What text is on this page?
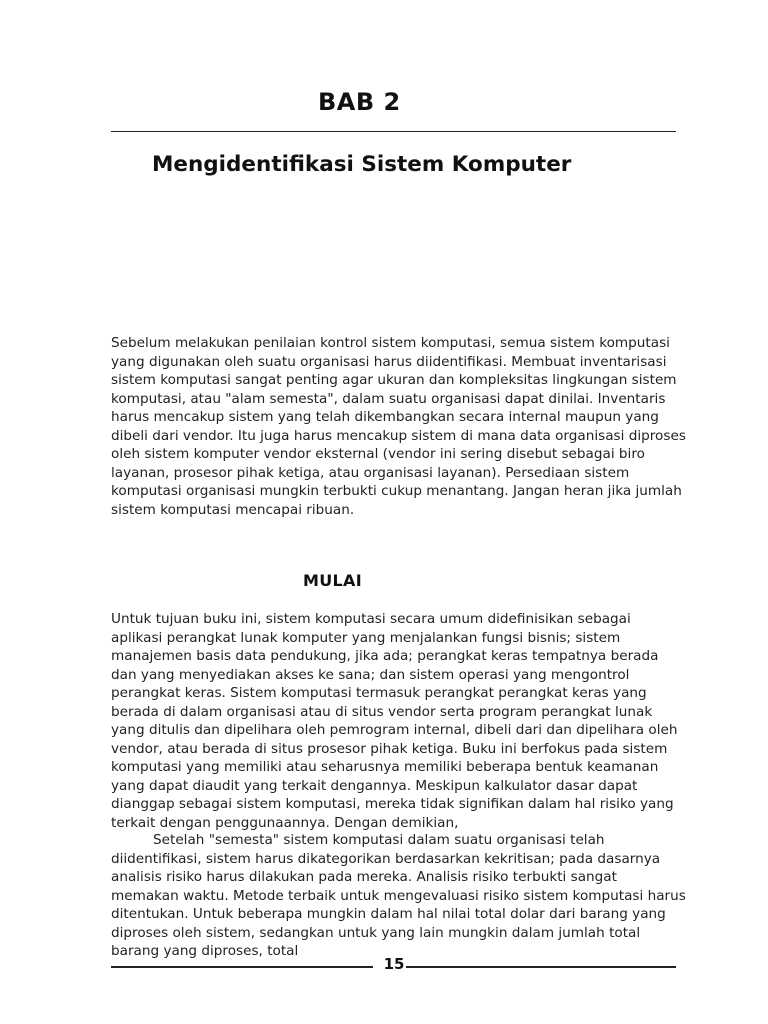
BAB 2
Mengidentifikasi Sistem Komputer

Sebelum melakukan penilaian kontrol sistem komputasi, semua sistem komputasi yang digunakan oleh suatu organisasi harus diidentifikasi. Membuat inventarisasi sistem komputasi sangat penting agar ukuran dan kompleksitas lingkungan sistem komputasi, atau "alam semesta", dalam suatu organisasi dapat dinilai. Inventaris harus mencakup sistem yang telah dikembangkan secara internal maupun yang dibeli dari vendor. Itu juga harus mencakup sistem di mana data organisasi diproses oleh sistem komputer vendor eksternal (vendor ini sering disebut sebagai biro layanan, prosesor pihak ketiga, atau organisasi layanan). Persediaan sistem komputasi organisasi mungkin terbukti cukup menantang. Jangan heran jika jumlah sistem komputasi mencapai ribuan.

MULAI

Untuk tujuan buku ini, sistem komputasi secara umum didefinisikan sebagai aplikasi perangkat lunak komputer yang menjalankan fungsi bisnis; sistem manajemen basis data pendukung, jika ada; perangkat keras tempatnya berada dan yang menyediakan akses ke sana; dan sistem operasi yang mengontrol perangkat keras. Sistem komputasi termasuk perangkat perangkat keras yang berada di dalam organisasi atau di situs vendor serta program perangkat lunak yang ditulis dan dipelihara oleh pemrogram internal, dibeli dari dan dipelihara oleh vendor, atau berada di situs prosesor pihak ketiga. Buku ini berfokus pada sistem komputasi yang memiliki atau seharusnya memiliki beberapa bentuk keamanan yang dapat diaudit yang terkait dengannya. Meskipun kalkulator dasar dapat dianggap sebagai sistem komputasi, mereka tidak signifikan dalam hal risiko yang terkait dengan penggunaannya. Dengan demikian,

Setelah "semesta" sistem komputasi dalam suatu organisasi telah diidentifikasi, sistem harus dikategorikan berdasarkan kekritisan; pada dasarnya analisis risiko harus dilakukan pada mereka. Analisis risiko terbukti sangat memakan waktu. Metode terbaik untuk mengevaluasi risiko sistem komputasi harus ditentukan. Untuk beberapa mungkin dalam hal nilai total dolar dari barang yang diproses oleh sistem, sedangkan untuk yang lain mungkin dalam jumlah total barang yang diproses, total

15
